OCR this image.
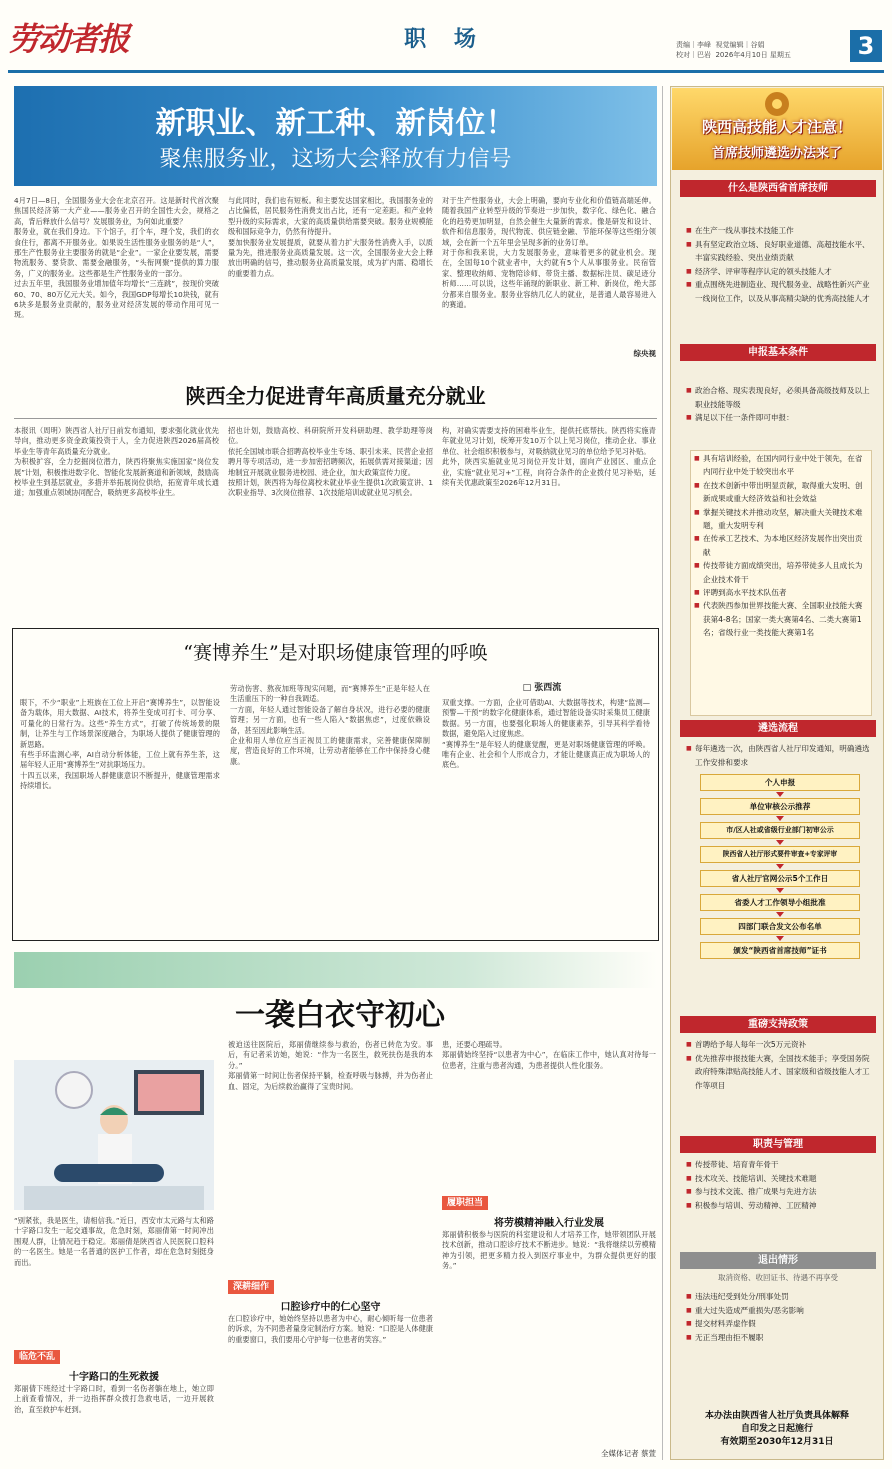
劳动者报	职 场	责编｜李峰 视觉编辑｜谷娟
校对｜巴岩 2026年4月10日 星期五	3
新职业、新工种、新岗位！
聚焦服务业，这场大会释放有力信号
4月7日—8日，全国服务业大会在北京召开。这是新时代首次聚焦国民经济第一大产业——服务业召开的全国性大会，规格之高，背后释放什么信号？发展服务业，为何如此重要？
服务业，就在我们身边。下个馆子，打个车，理个发，我们的衣食住行，都离不开服务业。如果说生活性服务业服务的是“人”，那生产性服务业主要服务的就是“企业”。一家企业要发展，需要物流服务、要贷款、需要金融服务，“头衔网聚”提供的算力服务，广义的服务业。这些都是生产性服务业的一部分。
过去五年里，我国服务业增加值年均增长“三连跳”，按现价突破60、70、80万亿元大关。如今，我国GDP每增长10块钱，就有6块多是服务业贡献的，服务业对经济发展的带动作用可见一斑。
与此同时，我们也有短板。和主要发达国家相比，我国服务业的占比偏低，居民服务性消费支出占比，还有一定差距。和产业转型升级的实际需求，大家的高质量供给需要突破。服务业规模能级和国际竞争力，仍然有待提升。
要加快服务业发展提质，就要从着力扩大服务性消费入手，以质量为先，推进服务业高质量发展。这一次，全国服务业大会上释放出明确的信号，推动服务业高质量发展，成为扩内需、稳增长的重要着力点。
对于生产性服务业，大会上明确，要向专业化和价值链高端延伸。随着我国产业转型升级的节奏进一步加快，数字化、绿色化、融合化的趋势更加明显，自然会催生大量新的需求。像是研发和设计、软件和信息服务，现代物流、供应链金融、节能环保等这些细分领域，会在新一个五年里会呈现多新的业务订单。
对于你和我来说，大力发展服务业，意味着更多的就业机会。现在，全国每10个就业者中，大约就有5个人从事服务业。民宿管家、整理收纳师、宠物陪诊师、带货主播、数据标注员、碳足迹分析师……可以说，这些年涌现的新职业、新工种、新岗位，绝大部分都来自服务业。服务业容纳几亿人的就业，是普通人最容易进入的赛道。
综央视
陕西全力促进青年高质量充分就业
本报讯（周明）陕西省人社厅日前发布通知，要求强化就业优先导向，推动更多资金政策投资于人，全力促进陕西2026届高校毕业生等青年高质量充分就业。
为积极扩容，全力挖掘岗位潜力，陕西将聚焦实施国家“岗位发展”计划，积极推进数字化、智能化发展新赛道和新领域，鼓励高校毕业生到基层就业，多措并举拓展岗位供给，拓宽青年成长通道；加强重点领域协同配合，吸纳更多高校毕业生。
招也计划，鼓励高校、科研院所开发科研助理、教学助理等岗位。
依托全国城市联合招聘高校毕业生专场、职引未来、民营企业招聘月等专项活动，进一步加密招聘频次，拓展供需对接渠道；因地制宜开展就业服务进校园、进企业，加大政策宣传力度。
按照计划，陕西将为每位离校未就业毕业生提供1次政策宣讲、1次职业指导、3次岗位推荐、1次技能培训或就业见习机会。
构，对确实需要支持的困难毕业生，提供托底帮扶。陕西将实施青年就业见习计划，统筹开发10万个以上见习岗位，推动企业、事业单位、社会组织积极参与，对吸纳就业见习的单位给予见习补贴。
此外，陕西实施就业见习岗位开发计划，面向产业园区、重点企业，实施“就业见习+”工程，向符合条件的企业拨付见习补贴，延续有关优惠政策至2026年12月31日。
“赛博养生”是对职场健康管理的呼唤
□ 张西流
眼下，不少“职业”上班族在工位上开启“赛博养生”，以智能设备为载体，用大数据、AI技术，将养生变成可打卡、可分享、可量化的日常行为。这些“养生方式”，打破了传统场景的限制，让养生与工作场景深度融合，为职场人提供了健康管理的新思路。
有些手环监测心率，AI自动分析体能，工位上就有养生茶，这届年轻人正用“赛博养生”对抗职场压力。
十四五以来，我国职场人群健康意识不断提升，健康管理需求持续增长。
劳动伤害、熬夜加班等现实问题，而“赛博养生”正是年轻人在生活重压下的一种自我调适。
一方面，年轻人通过智能设备了解自身状况，进行必要的健康管理；另一方面，也有一些人陷入“数据焦虑”，过度依赖设备，甚至因此影响生活。
企业和用人单位应当正视员工的健康需求，完善健康保障制度，营造良好的工作环境，让劳动者能够在工作中保持身心健康。
双重支撑。一方面，企业可借助AI、大数据等技术，构建“监测—预警—干预”的数字化健康体系，通过智能设备实时采集员工健康数据。另一方面，也要强化职场人的健康素养，引导其科学看待数据，避免陷入过度焦虑。
“赛博养生”是年轻人的健康觉醒，更是对职场健康管理的呼唤。唯有企业、社会和个人形成合力，才能让健康真正成为职场人的底色。
一袭白衣守初心
“别紧张，我是医生，请相信我。”近日，西安市太元路与太和路十字路口发生一起交通事故，危急时刻，郑丽倩第一时间冲出围观人群，让情况趋于稳定。郑丽倩是陕西省人民医院口腔科的一名医生。她是一名普通的医护工作者，却在危急时刻挺身而出。
临危不乱
十字路口的生死救援
郑丽倩下班经过十字路口时，看到一名伤者躺在地上，她立即上前查看情况，并一边指挥群众拨打急救电话，一边开展救治，直至救护车赶到。
被迫送往医院后，郑丽倩继续参与救治，伤者已转危为安。事后，有记者采访她，她说：“作为一名医生，救死扶伤是我的本分。”
郑丽倩第一时间让伤者保持平躺，检查呼吸与脉搏，并为伤者止血、固定，为后续救治赢得了宝贵时间。
深耕细作
口腔诊疗中的仁心坚守
在口腔诊疗中，她始终坚持以患者为中心，耐心倾听每一位患者的诉求，为不同患者量身定制治疗方案。她说：“口腔是人体健康的重要窗口，我们要用心守护每一位患者的笑容。”
患，还要心理疏导。
郑丽倩始终坚持“以患者为中心”，在临床工作中，她认真对待每一位患者，注重与患者沟通，为患者提供人性化服务。
履职担当
将劳模精神融入行业发展
郑丽倩积极参与医院的科室建设和人才培养工作，她带领团队开展技术创新，推动口腔诊疗技术不断进步。她说：“我将继续以劳模精神为引领，把更多精力投入到医疗事业中，为群众提供更好的服务。”
全媒体记者 蔡萱
陕西高技能人才注意！
首席技师遴选办法来了
什么是陕西省首席技师
■ 在生产一线从事技术技能工作
■ 具有坚定政治立场、良好职业道德、高超技能水平、丰富实践经验、突出业绩贡献
■ 经济学、评审等程序认定的领头技能人才
■ 重点围绕先进制造业、现代服务业、战略性新兴产业一线岗位工作，以及从事高精尖缺的优秀高技能人才
申报基本条件
■ 政治合格、现实表现良好，必须具备高级技师及以上职业技能等级
■ 满足以下任一条件即可申报：
■ 具有培训经验，在国内同行业中处于领先，在省内同行业中处于较突出水平
■ 在技术创新中带出明显贡献，取得重大发明、创新成果或重大经济效益和社会效益
■ 掌握关键技术并推动攻坚，解决重大关键技术难题，重大发明专利
■ 在传承工艺技术、为本地区经济发展作出突出贡献
■ 传技带徒方面成绩突出，培养带徒多人且成长为企业技术骨干
■ 评聘到高水平技术队伍者
■ 代表陕西参加世界技能大赛、全国职业技能大赛获第4-8名；国家一类大赛第4名、二类大赛第1名；省级行业一类技能大赛第1名
遴选流程
■ 每年遴选一次，由陕西省人社厅印发通知，明确遴选工作安排和要求
个人申报
单位审核公示推荐
市/区人社或省级行业部门初审公示
陕西省人社厅形式要件审查+专家评审
省人社厅官网公示5个工作日
省委人才工作领导小组批准
四部门联合发文公布名单
颁发“陕西省首席技师”证书
重磅支持政策
■ 首聘给予每人每年一次5万元资补
■ 优先推荐申报技能大赛，全国技术能手；享受国务院政府特殊津贴高技能人才、国家级和省级技能人才工作等项目
职责与管理
■ 传授带徒、培育青年骨干
■ 技术攻关、技能培训、关键技术难题
■ 参与技术交流、推广成果与先进方法
■ 积极参与培训、劳动精神、工匠精神
退出情形
取消资格、收回证书、待遇不再享受
■ 违法违纪受到处分/刑事处罚
■ 重大过失造成严重损失/恶劣影响
■ 提交材料弄虚作假
■ 无正当理由拒不履职
本办法由陕西省人社厅负责具体解释
自印发之日起施行
有效期至2030年12月31日
